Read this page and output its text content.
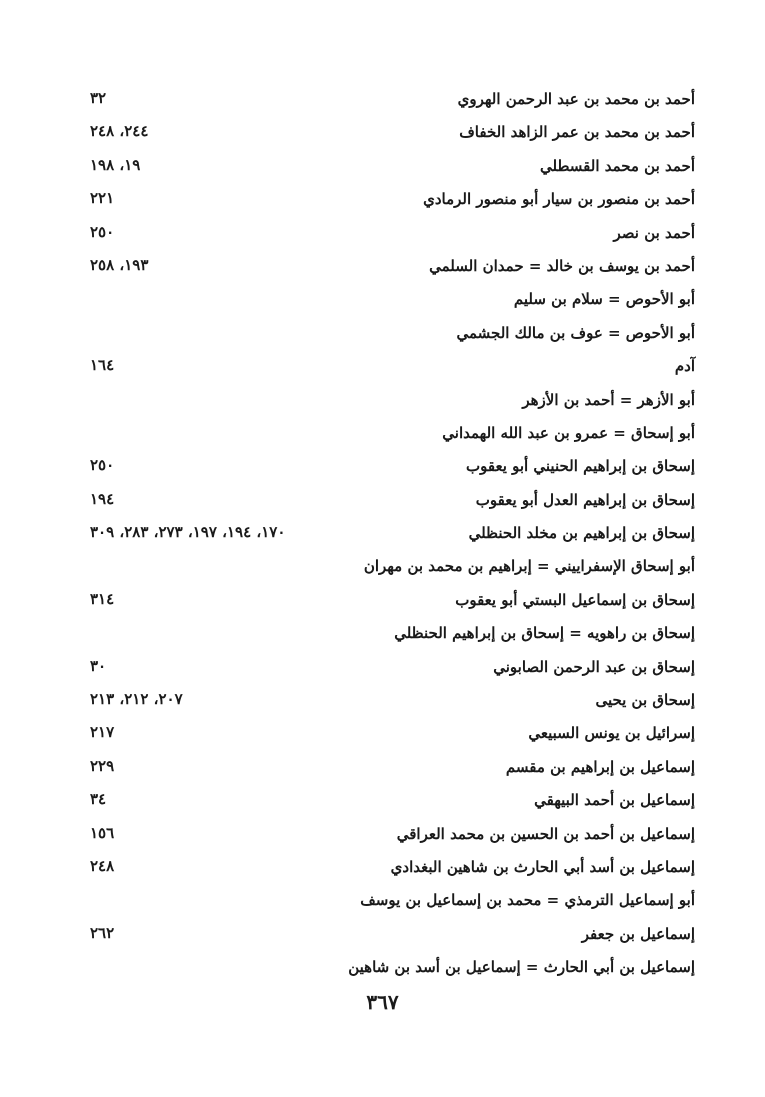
أحمد بن محمد بن عبد الرحمن الهروي
٣٢
أحمد بن محمد بن عمر الزاهد الخفاف
٢٤٤، ٢٤٨
أحمد بن محمد القسطلي
١٩، ١٩٨
أحمد بن منصور بن سيار أبو منصور الرمادي
٢٢١
أحمد بن نصر
٢٥٠
أحمد بن يوسف بن خالد = حمدان السلمي
١٩٣، ٢٥٨
أبو الأحوص = سلام بن سليم
أبو الأحوص = عوف بن مالك الجشمي
آدم
١٦٤
أبو الأزهر = أحمد بن الأزهر
أبو إسحاق = عمرو بن عبد الله الهمداني
إسحاق بن إبراهيم الحنيني أبو يعقوب
٢٥٠
إسحاق بن إبراهيم العدل أبو يعقوب
١٩٤
إسحاق بن إبراهيم بن مخلد الحنظلي
١٧٠، ١٩٤، ١٩٧، ٢٧٣، ٢٨٣، ٣٠٩
أبو إسحاق الإسفراييني = إبراهيم بن محمد بن مهران
إسحاق بن إسماعيل البستي أبو يعقوب
٣١٤
إسحاق بن راهويه = إسحاق بن إبراهيم الحنظلي
إسحاق بن عبد الرحمن الصابوني
٣٠
إسحاق بن يحيى
٢٠٧، ٢١٢، ٢١٣
إسرائيل بن يونس السبيعي
٢١٧
إسماعيل بن إبراهيم بن مقسم
٢٢٩
إسماعيل بن أحمد البيهقي
٣٤
إسماعيل بن أحمد بن الحسين بن محمد العراقي
١٥٦
إسماعيل بن أسد أبي الحارث بن شاهين البغدادي
٢٤٨
أبو إسماعيل الترمذي = محمد بن إسماعيل بن يوسف
إسماعيل بن جعفر
٢٦٢
إسماعيل بن أبي الحارث = إسماعيل بن أسد بن شاهين
٣٦٧
